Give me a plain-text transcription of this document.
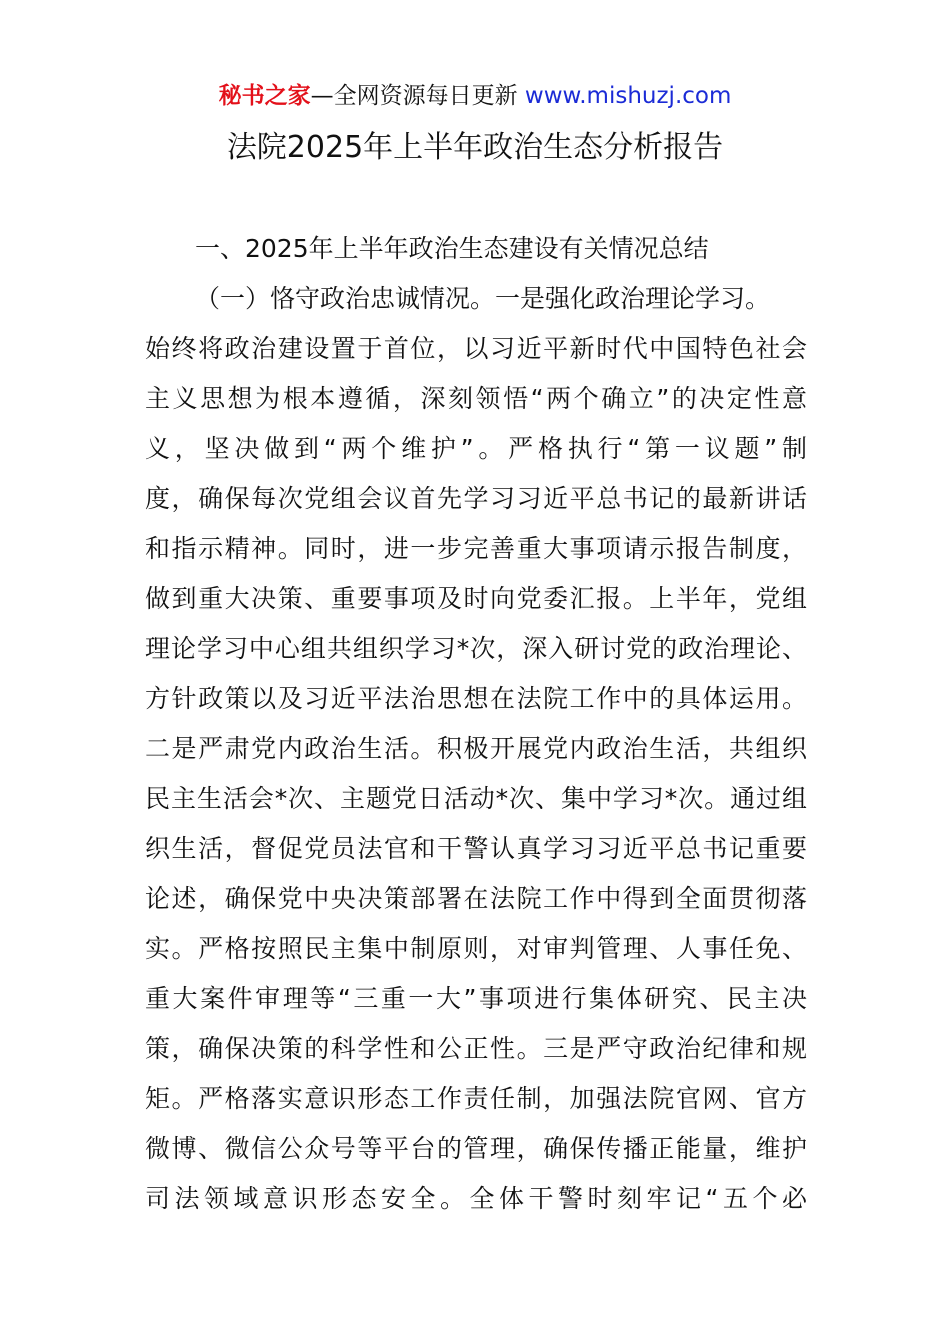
秘书之家—全网资源每日更新 www.mishuzj.com
法院2025年上半年政治生态分析报告
一、2025年上半年政治生态建设有关情况总结
（一）恪守政治忠诚情况。一是强化政治理论学习。
始终将政治建设置于首位，以习近平新时代中国特色社会
主义思想为根本遵循，深刻领悟“两个确立”的决定性意
义，坚决做到“两个维护”。严格执行“第一议题”制
度，确保每次党组会议首先学习习近平总书记的最新讲话
和指示精神。同时，进一步完善重大事项请示报告制度，
做到重大决策、重要事项及时向党委汇报。上半年，党组
理论学习中心组共组织学习*次，深入研讨党的政治理论、
方针政策以及习近平法治思想在法院工作中的具体运用。
二是严肃党内政治生活。积极开展党内政治生活，共组织
民主生活会*次、主题党日活动*次、集中学习*次。通过组
织生活，督促党员法官和干警认真学习习近平总书记重要
论述，确保党中央决策部署在法院工作中得到全面贯彻落
实。严格按照民主集中制原则，对审判管理、人事任免、
重大案件审理等“三重一大”事项进行集体研究、民主决
策，确保决策的科学性和公正性。三是严守政治纪律和规
矩。严格落实意识形态工作责任制，加强法院官网、官方
微博、微信公众号等平台的管理，确保传播正能量，维护
司法领域意识形态安全。全体干警时刻牢记“五个必
